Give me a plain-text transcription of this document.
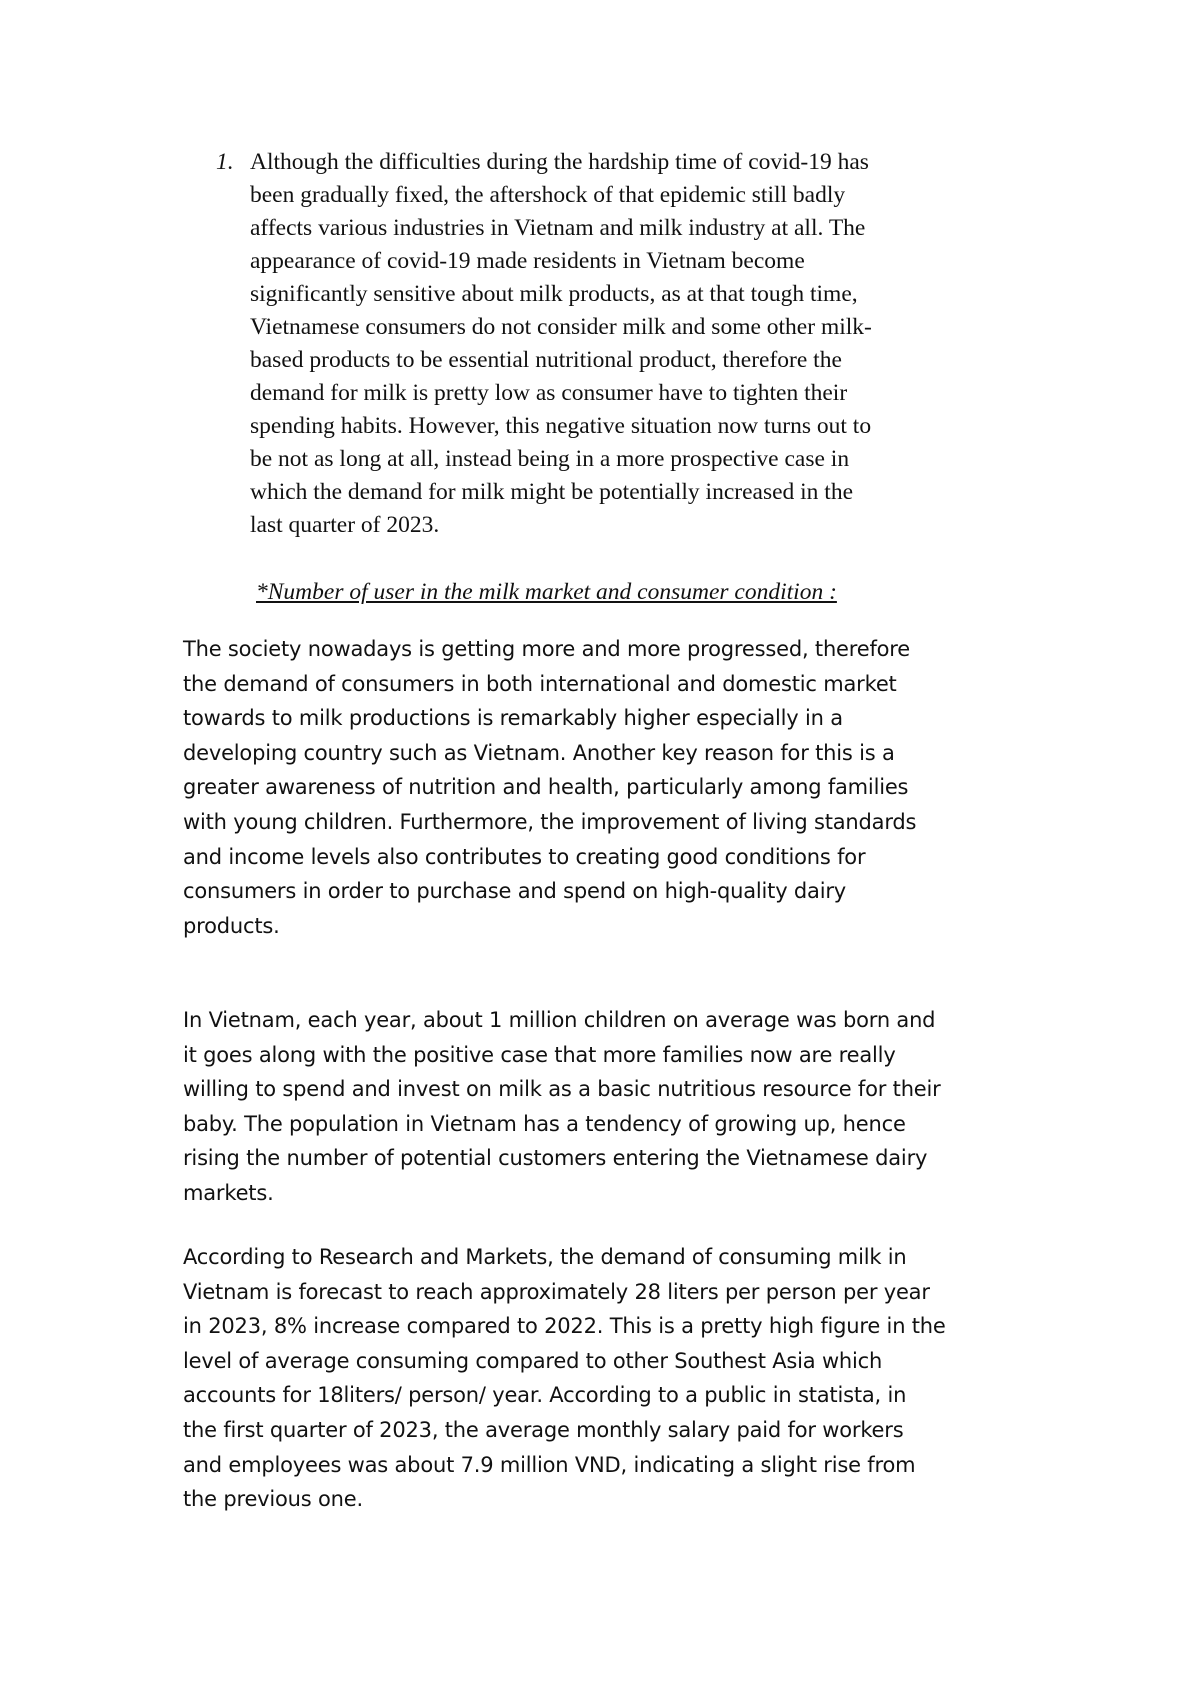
1. Although the difficulties during the hardship time of covid-19 has
been gradually fixed, the aftershock of that epidemic still badly
affects various industries in Vietnam and milk industry at all. The
appearance of covid-19 made residents in Vietnam become
significantly sensitive about milk products, as at that tough time,
Vietnamese consumers do not consider milk and some other milk-
based products to be essential nutritional product, therefore the
demand for milk is pretty low as consumer have to tighten their
spending habits. However, this negative situation now turns out to
be not as long at all, instead being in a more prospective case in
which the demand for milk might be potentially increased in the
last quarter of 2023.
*Number of user in the milk market and consumer condition :
The society nowadays is getting more and more progressed, therefore
the demand of consumers in both international and domestic market
towards to milk productions is remarkably higher especially in a
developing country such as Vietnam. Another key reason for this is a
greater awareness of nutrition and health, particularly among families
with young children. Furthermore, the improvement of living standards
and income levels also contributes to creating good conditions for
consumers in order to purchase and spend on high-quality dairy
products.
In Vietnam, each year, about 1 million children on average was born and
it goes along with the positive case that more families now are really
willing to spend and invest on milk as a basic nutritious resource for their
baby. The population in Vietnam has a tendency of growing up, hence
rising the number of potential customers entering the Vietnamese dairy
markets.
According to Research and Markets, the demand of consuming milk in
Vietnam is forecast to reach approximately 28 liters per person per year
in 2023, 8% increase compared to 2022. This is a pretty high figure in the
level of average consuming compared to other Southest Asia which
accounts for 18liters/ person/ year. According to a public in statista, in
the first quarter of 2023, the average monthly salary paid for workers
and employees was about 7.9 million VND, indicating a slight rise from
the previous one.
